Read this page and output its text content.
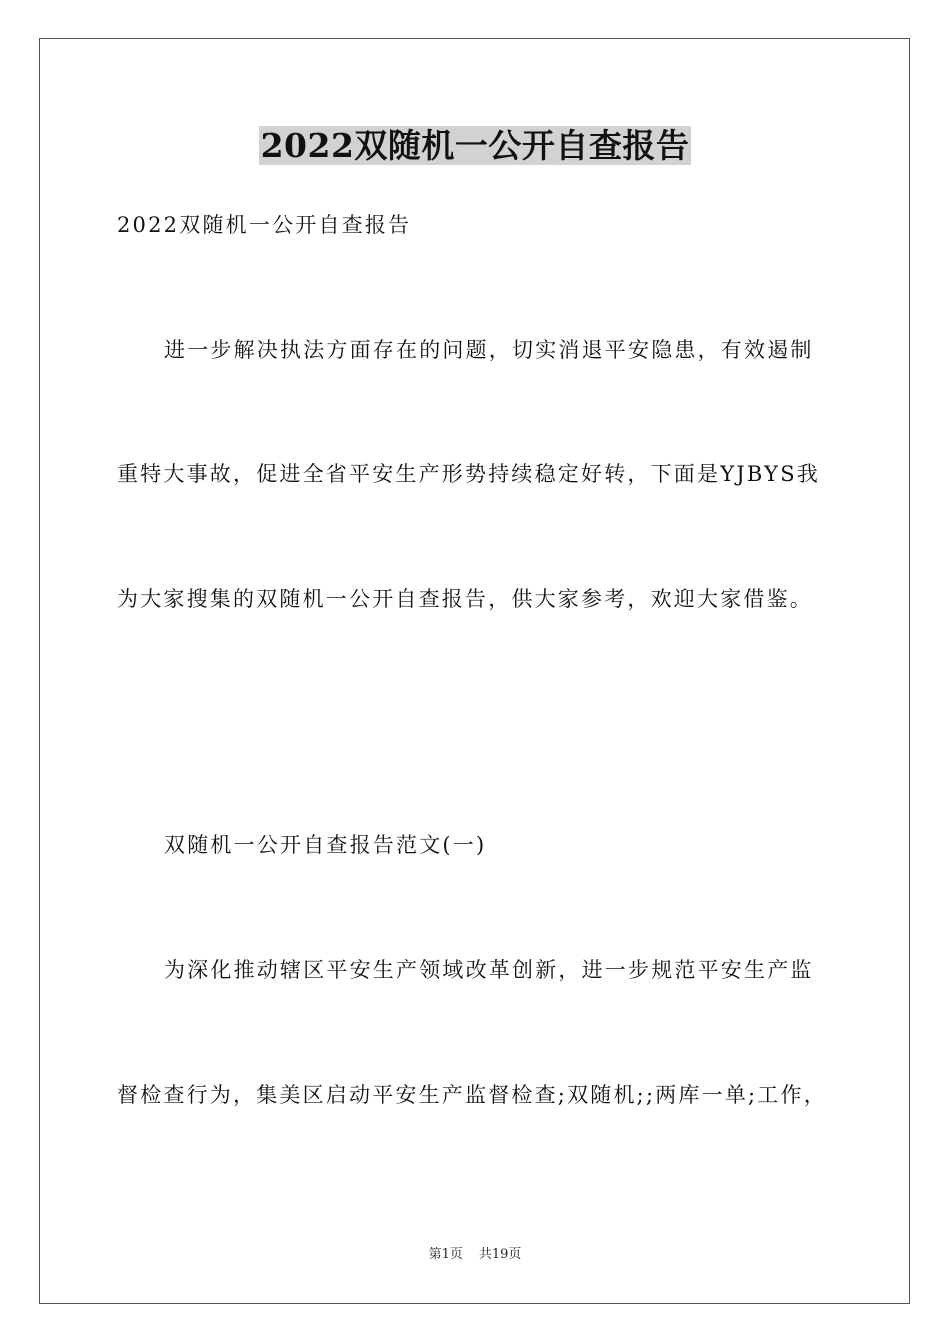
2022双随机一公开自查报告
2022双随机一公开自查报告
进一步解决执法方面存在的问题，切实消退平安隐患，有效遏制
重特大事故，促进全省平安生产形势持续稳定好转，下面是YJBYS我
为大家搜集的双随机一公开自查报告，供大家参考，欢迎大家借鉴。
双随机一公开自查报告范文(一)
为深化推动辖区平安生产领域改革创新，进一步规范平安生产监
督检查行为，集美区启动平安生产监督检查;双随机;;两库一单;工作，
第1页 共19页
